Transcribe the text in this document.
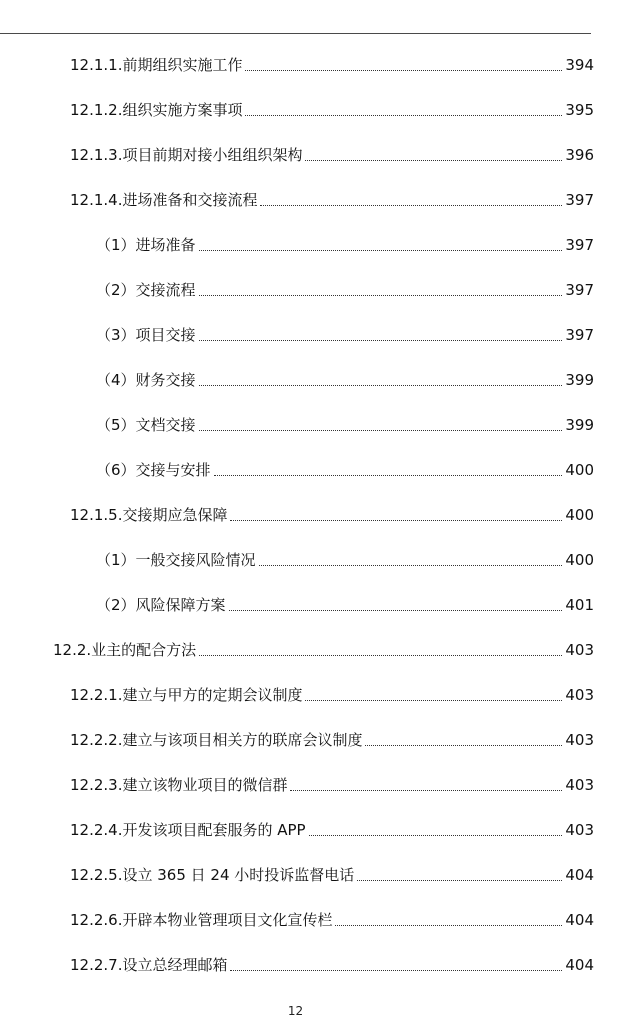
12.1.1.前期组织实施工作	394
12.1.2.组织实施方案事项	395
12.1.3.项目前期对接小组组织架构	396
12.1.4.进场准备和交接流程	397
（1）进场准备	397
（2）交接流程	397
（3）项目交接	397
（4）财务交接	399
（5）文档交接	399
（6）交接与安排	400
12.1.5.交接期应急保障	400
（1）一般交接风险情况	400
（2）风险保障方案	401
12.2.业主的配合方法	403
12.2.1.建立与甲方的定期会议制度	403
12.2.2.建立与该项目相关方的联席会议制度	403
12.2.3.建立该物业项目的微信群	403
12.2.4.开发该项目配套服务的 APP	403
12.2.5.设立 365 日 24 小时投诉监督电话	404
12.2.6.开辟本物业管理项目文化宣传栏	404
12.2.7.设立总经理邮箱	404
12
